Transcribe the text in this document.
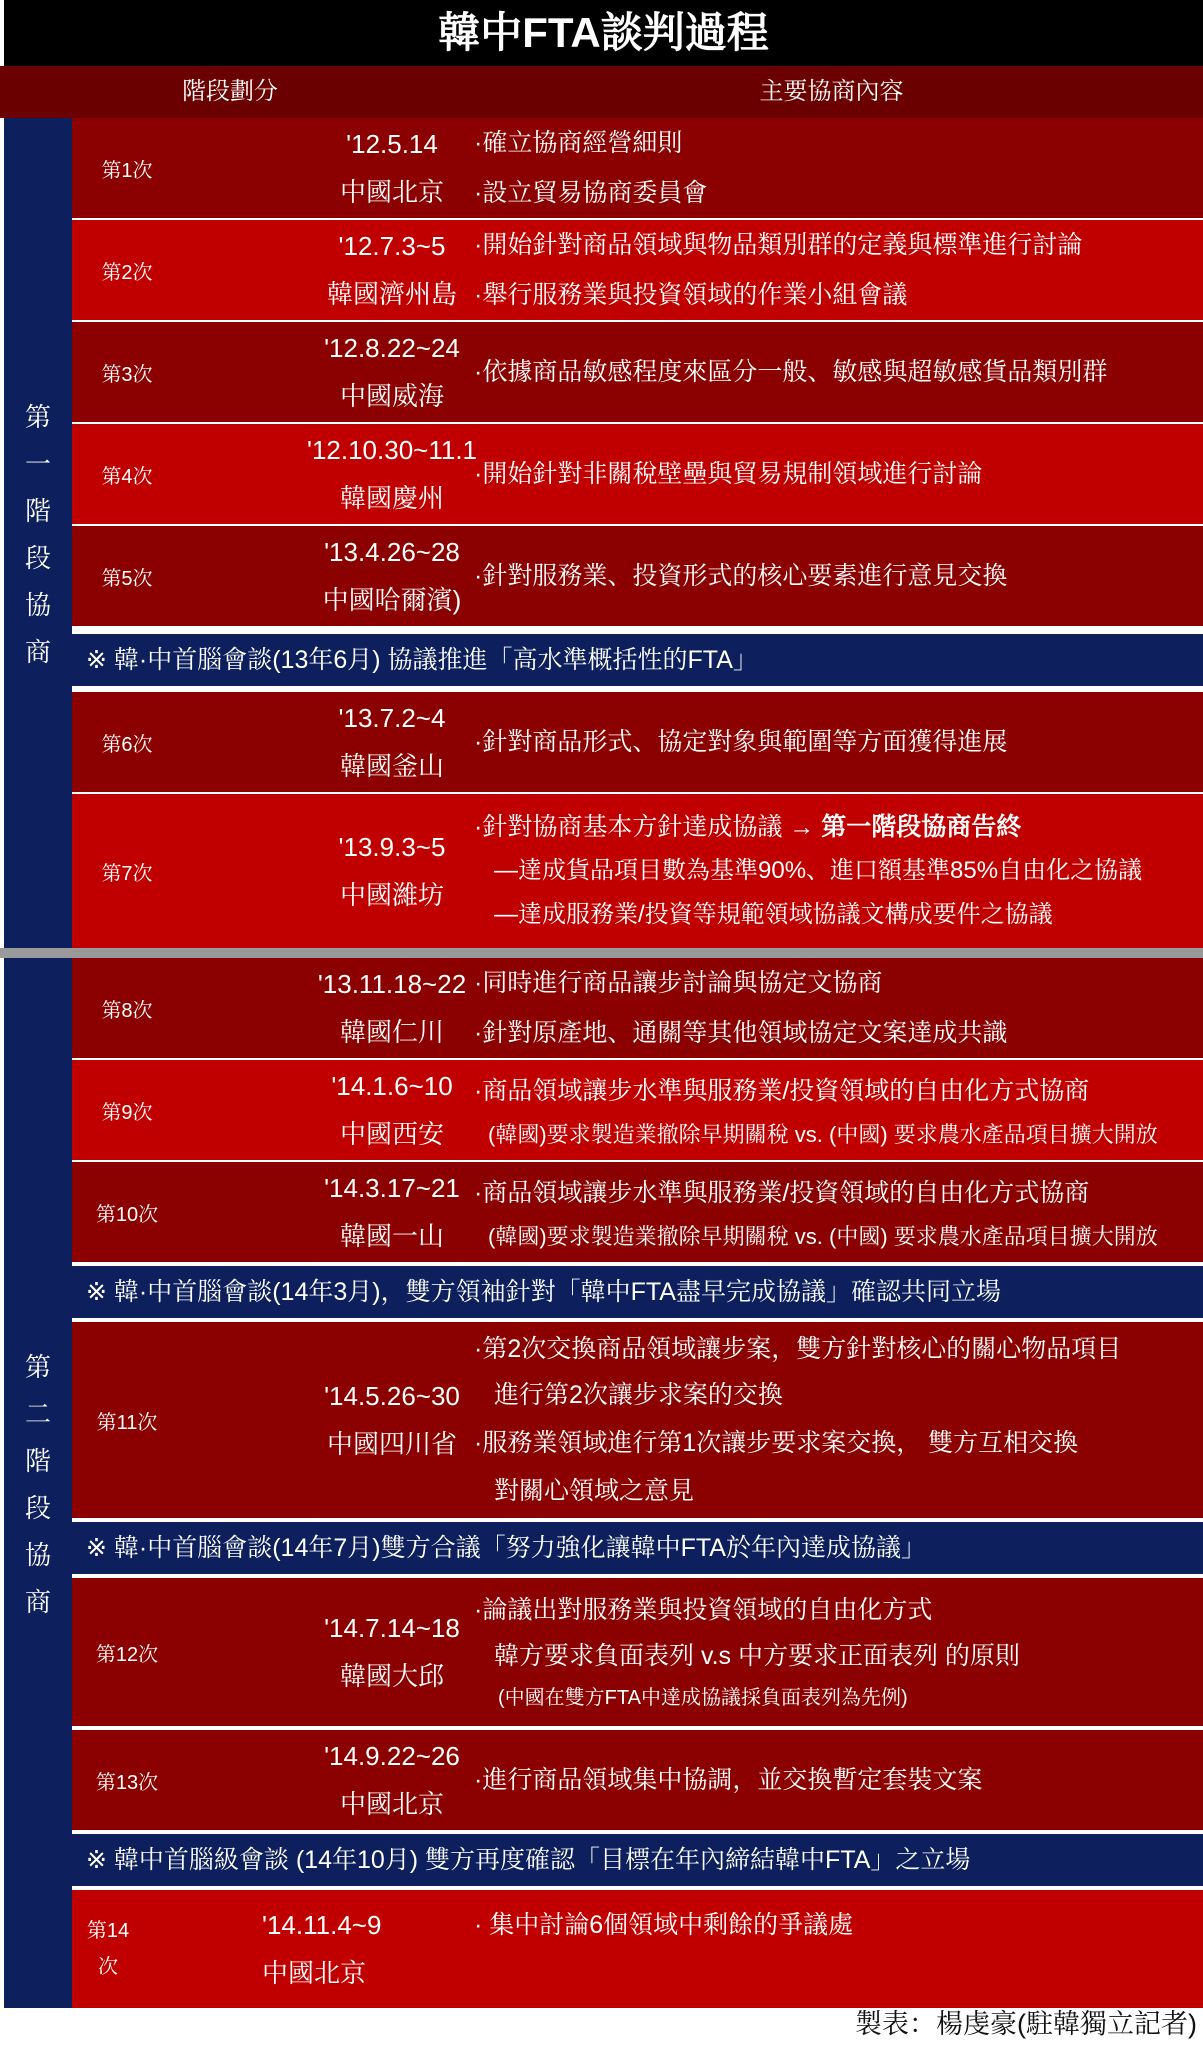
韓中FTA談判過程
階段劃分	主要協商內容
第
一
階
段
協
商
第1次
'12.5.14
中國北京
·確立協商經營細則
·設立貿易協商委員會
第2次
'12.7.3~5
韓國濟州島
·開始針對商品領域與物品類別群的定義與標準進行討論
·舉行服務業與投資領域的作業小組會議
第3次
'12.8.22~24
中國威海
·依據商品敏感程度來區分一般、敏感與超敏感貨品類別群
第4次
'12.10.30~11.1
韓國慶州
·開始針對非關稅壁壘與貿易規制領域進行討論
第5次
'13.4.26~28
中國哈爾濱)
·針對服務業、投資形式的核心要素進行意見交換
※ 韓·中首腦會談(13年6月) 協議推進「高水準概括性的FTA」
第6次
'13.7.2~4
韓國釜山
·針對商品形式、協定對象與範圍等方面獲得進展
第7次
'13.9.3~5
中國濰坊
·針對協商基本方針達成協議 → 第一階段協商告終
—達成貨品項目數為基準90%、進口額基準85%自由化之協議
—達成服務業/投資等規範領域協議文構成要件之協議
第
二
階
段
協
商
第8次
'13.11.18~22
韓國仁川
·同時進行商品讓步討論與協定文協商
·針對原產地、通關等其他領域協定文案達成共識
第9次
'14.1.6~10
中國西安
·商品領域讓步水準與服務業/投資領域的自由化方式協商
(韓國)要求製造業撤除早期關稅 vs. (中國) 要求農水產品項目擴大開放
第10次
'14.3.17~21
韓國一山
·商品領域讓步水準與服務業/投資領域的自由化方式協商
(韓國)要求製造業撤除早期關稅 vs. (中國) 要求農水產品項目擴大開放
※ 韓·中首腦會談(14年3月)，雙方領袖針對「韓中FTA盡早完成協議」確認共同立場
第11次
'14.5.26~30
中國四川省
·第2次交換商品領域讓步案，雙方針對核心的關心物品項目
進行第2次讓步求案的交換
·服務業領域進行第1次讓步要求案交換， 雙方互相交換
對關心領域之意見
※ 韓·中首腦會談(14年7月)雙方合議「努力強化讓韓中FTA於年內達成協議」
第12次
'14.7.14~18
韓國大邱
·論議出對服務業與投資領域的自由化方式
韓方要求負面表列 v.s 中方要求正面表列 的原則
(中國在雙方FTA中達成協議採負面表列為先例)
第13次
'14.9.22~26
中國北京
·進行商品領域集中協調，並交換暫定套裝文案
※ 韓中首腦級會談 (14年10月) 雙方再度確認「目標在年內締結韓中FTA」之立場
第14次
'14.11.4~9
中國北京
· 集中討論6個領域中剩餘的爭議處
製表：楊虔豪(駐韓獨立記者)
